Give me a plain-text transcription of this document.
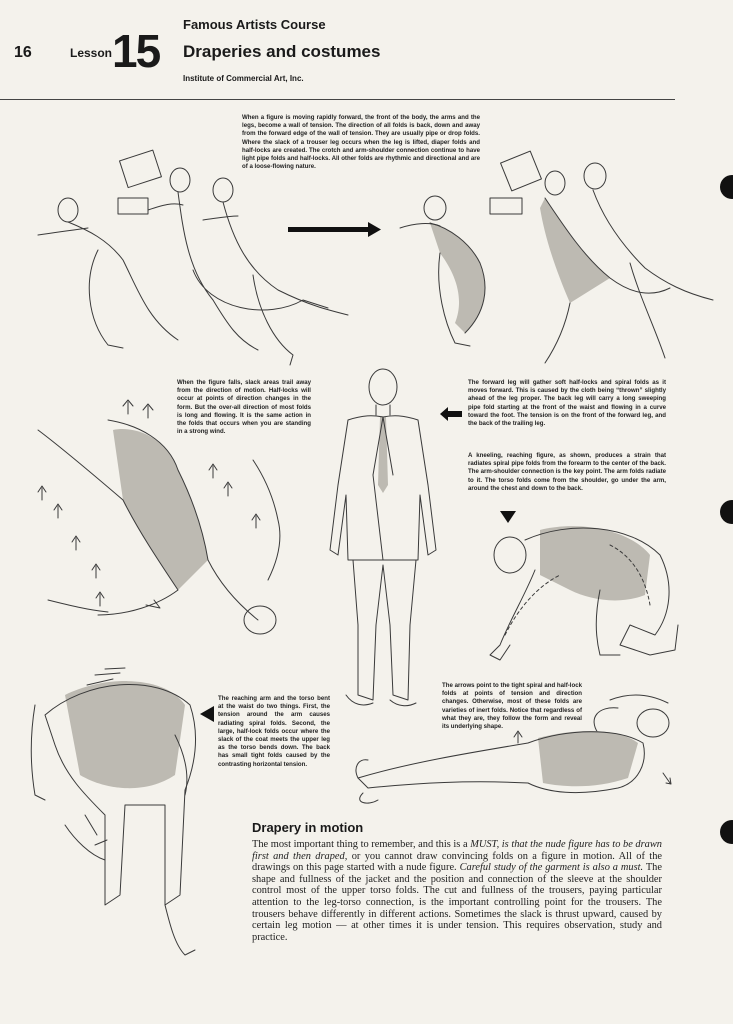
16	Lesson 15
Famous Artists Course
Draperies and costumes
Institute of Commercial Art, Inc.
When a figure is moving rapidly forward, the front of the body, the arms and the legs, become a wall of tension. The direction of all folds is back, down and away from the forward edge of the wall of tension. They are usually pipe or drop folds. Where the slack of a trouser leg occurs when the leg is lifted, diaper folds and half-locks are created. The crotch and arm-shoulder connection continue to have light pipe folds and half-locks. All other folds are rhythmic and directional and are of a loose-flowing nature.
When the figure falls, slack areas trail away from the direction of motion. Half-locks will occur at points of direction changes in the form. But the over-all direction of most folds is long and flowing. It is the same action in the folds that occurs when you are standing in a strong wind.
The forward leg will gather soft half-locks and spiral folds as it moves forward. This is caused by the cloth being “thrown” slightly ahead of the leg proper. The back leg will carry a long sweeping pipe fold starting at the front of the waist and flowing in a curve toward the foot. The tension is on the front of the forward leg, and the back of the trailing leg.
A kneeling, reaching figure, as shown, produces a strain that radiates spiral pipe folds from the forearm to the center of the back. The arm-shoulder connection is the key point. The arm folds radiate to it. The torso folds come from the shoulder, go under the arm, around the chest and down to the back.
The reaching arm and the torso bent at the waist do two things. First, the tension around the arm causes radiating spiral folds. Second, the large, half-lock folds occur where the slack of the coat meets the upper leg as the torso bends down. The back has small tight folds caused by the contrasting horizontal tension.
The arrows point to the tight spiral and half-lock folds at points of tension and direction changes. Otherwise, most of these folds are varieties of inert folds. Notice that regardless of what they are, they follow the form and reveal its underlying shape.
Drapery in motion
The most important thing to remember, and this is a MUST, is that the nude figure has to be drawn first and then draped, or you cannot draw convincing folds on a figure in motion. All of the drawings on this page started with a nude figure. Careful study of the garment is also a must. The shape and fullness of the jacket and the position and connection of the sleeve at the shoulder control most of the upper torso folds. The cut and fullness of the trousers, paying particular attention to the leg-torso connection, is the important controlling point for the trousers. The trousers behave differently in different actions. Sometimes the slack is thrust upward, caused by certain leg motion — at other times it is under tension. This requires observation, study and practice.
